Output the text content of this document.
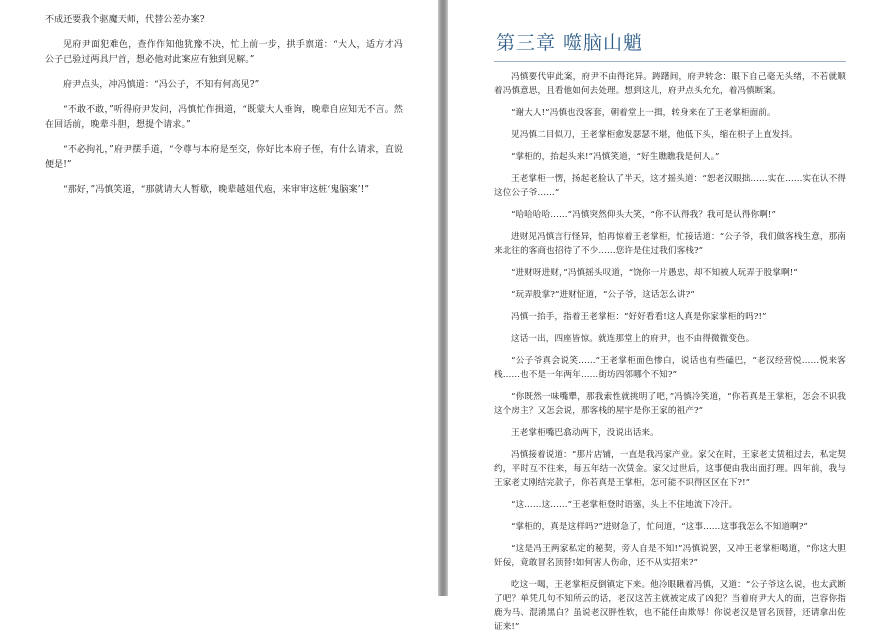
不成还要我个驱魔天师，代替公差办案?

见府尹面犯难色，查作作知他犹豫不决，忙上前一步，拱手禀道：“大人，适方才冯公子已验过两具尸首，想必他对此案应有独到见解。”

府尹点头，冲冯慎道：“冯公子，不知有何高见?”

“不敢不敢，”听得府尹发问，冯慎忙作揖道，“既蒙大人垂询，晚辈自应知无不言。然在回话前，晚辈斗胆，想提个请求。”

“不必拘礼，”府尹摆手道，“令尊与本府是至交，你好比本府子侄，有什么请求，直说便是!”

“那好，”冯慎笑道，“那就请大人暂歇，晚辈越俎代庖，来审审这桩‘鬼脑案’!”

第三章 噬脑山魈

冯慎要代审此案，府尹不由得诧异。踌躇间，府尹转念：眼下自己毫无头绪，不若就顺着冯慎意思，且看他如何去处理。想到这儿，府尹点头允允，着冯慎断案。

“谢大人!”冯慎也没客套，朝着堂上一揖，转身来在了王老掌柜面前。

见冯慎二目似刀，王老掌柜愈发瑟瑟不堪，他低下头，缩在枳子上直发抖。

“掌柜的，抬起头来!”冯慎笑道，“好生瞧瞧我是何人。”

王老掌柜一愣，扬起老脸认了半天，这才摇头道：“恕老汉眼拙……实在……实在认不得这位公子爷……”

“哈哈哈哈……”冯慎突然仰头大笑，“你不认得我？我可是认得你啊!”

进财见冯慎言行怪异，怕再惊着王老掌柜，忙接话道：“公子爷，我们做客栈生意，那南来北往的客商也招待了不少……您许是住过我们客栈?”

“进财呀进财，”冯慎摇头叹道，“饶你一片愚忠，却不知被人玩弄于股掌啊!”

“玩弄股掌?”进财怔道，“公子爷，这话怎么讲?”

冯慎一抬手，指着王老掌柜：“好好看看!这人真是你家掌柜的吗?!”

这话一出，四座皆惊。就连那堂上的府尹，也不由得微微变色。

“公子爷真会说笑……”王老掌柜面色惨白，说话也有些磕巴，“老汉经营悦……悦来客栈……也不是一年两年……街坊四邻哪个不知?”

“你既然一味嘴犟，那我索性就挑明了吧，”冯慎冷笑道，“你若真是王掌柜，怎会不识我这个房主？又怎会说，那客栈的屋宇是你王家的祖产?”

王老掌柜嘴巴翕动两下，没说出话来。

冯慎接着说道：“那片店铺，一直是我冯家产业。家父在时，王家老丈赁租过去，私定契约，平时互不往来，每五年结一次赁金。家父过世后，这事便由我出面打理。四年前，我与王家老丈刚结完款子，你若真是王掌柜，怎可能不识得区区在下?!”

“这……这……”王老掌柜登时语塞，头上不住地流下冷汗。

“掌柜的，真是这样吗?”进财急了，忙问道，“这事……这事我怎么不知道啊?”

“这是冯王两家私定的秘契，旁人自是不知!”冯慎说罢，又冲王老掌柜喝道，“你这大胆奸佞，竟敢冒名顶替!如何害人伤命，还不从实招来?”

吃这一喝，王老掌柜反倒镇定下来。他冷眼瞅着冯慎，又道：“公子爷这么说，也太武断了吧？单凭几句不知所云的话，老汉这苦主就被定成了凶犯？当着府尹大人的面，岂容你指鹿为马、混淆黑白？虽说老汉胖性软，也不能任由欺辱！你说老汉是冒名顶替，还请拿出佐证来!”
